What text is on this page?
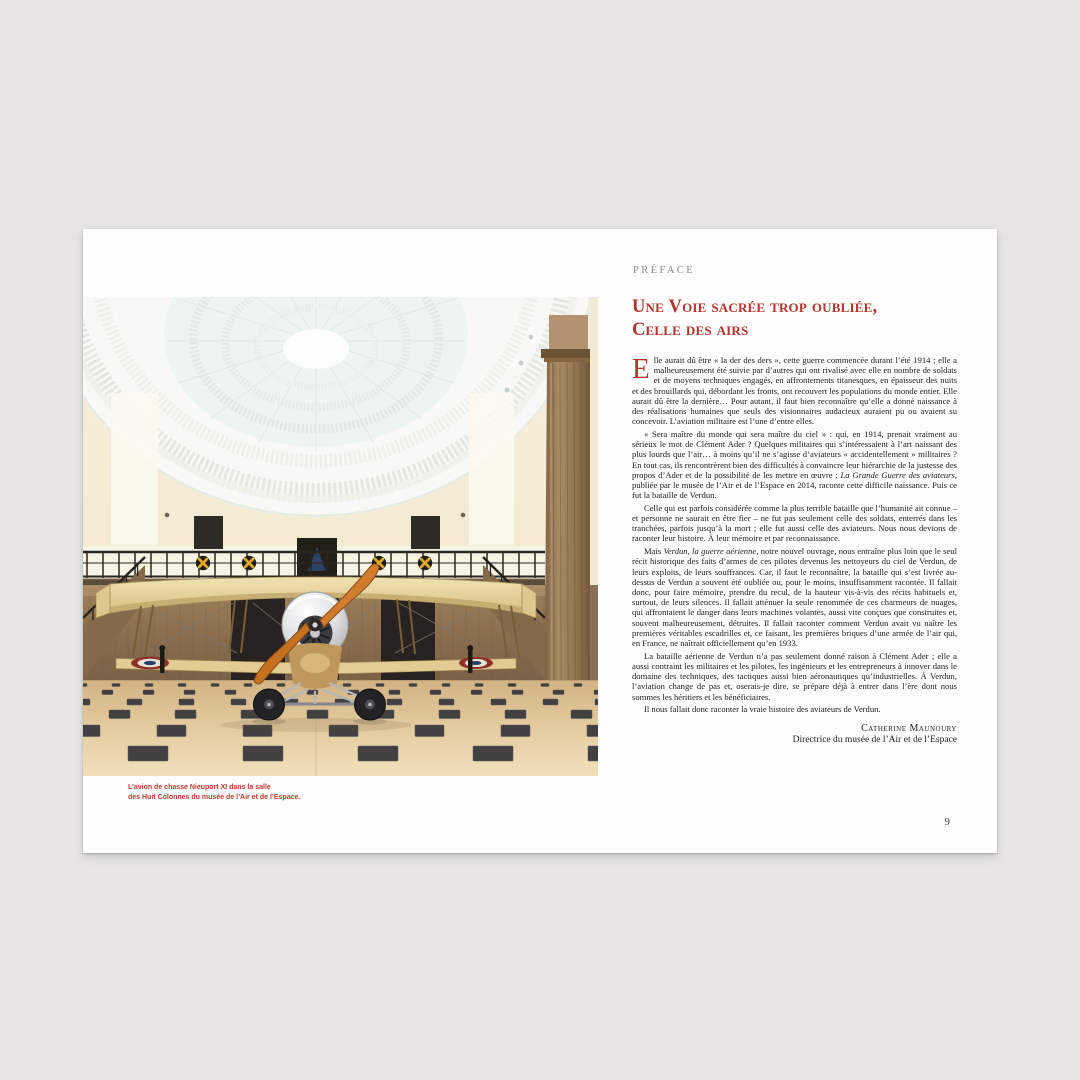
L’avion de chasse Nieuport XI dans la salle
des Huit Colonnes du musée de l’Air et de l’Espace.
PRÉFACE
Une Voie sacrée trop oubliée,
Celle des airs

Elle aurait dû être « la der des ders », cette guerre commencée durant l’été 1914 ; elle a malheureusement été suivie par d’autres qui ont rivalisé avec elle en nombre de soldats et de moyens techniques engagés, en affrontements titanesques, en épaisseur des nuits et des brouillards qui, débordant les fronts, ont recouvert les populations du monde entier. Elle aurait dû être la dernière… Pour autant, il faut bien reconnaître qu’elle a donné naissance à des réalisations humaines que seuls des visionnaires audacieux auraient pu ou avaient su concevoir. L’aviation militaire est l’une d’entre elles.

« Sera maître du monde qui sera maître du ciel » : qui, en 1914, prenait vraiment au sérieux le mot de Clément Ader ? Quelques militaires qui s’intéressaient à l’art naissant des plus lourds que l’air… à moins qu’il ne s’agisse d’aviateurs « accidentellement » militaires ? En tout cas, ils rencontrèrent bien des difficultés à convaincre leur hiérarchie de la justesse des propos d’Ader et de la possibilité de les mettre en œuvre ; La Grande Guerre des aviateurs, publiée par le musée de l’Air et de l’Espace en 2014, raconte cette difficile naissance. Puis ce fut la bataille de Verdun.

Celle qui est parfois considérée comme la plus terrible bataille que l’humanité ait connue – et personne ne saurait en être fier – ne fut pas seulement celle des soldats, enterrés dans les tranchées, parfois jusqu’à la mort ; elle fut aussi celle des aviateurs. Nous nous devions de raconter leur histoire. À leur mémoire et par reconnaissance.

Mais Verdun, la guerre aérienne, notre nouvel ouvrage, nous entraîne plus loin que le seul récit historique des faits d’armes de ces pilotes devenus les nettoyeurs du ciel de Verdun, de leurs exploits, de leurs souffrances. Car, il faut le reconnaître, la bataille qui s’est livrée au-dessus de Verdun a souvent été oubliée ou, pour le moins, insuffisamment racontée. Il fallait donc, pour faire mémoire, prendre du recul, de la hauteur vis-à-vis des récits habituels et, surtout, de leurs silences. Il fallait atténuer la seule renommée de ces charmeurs de nuages, qui affrontaient le danger dans leurs machines volantes, aussi vite conçues que construites et, souvent malheureusement, détruites. Il fallait raconter comment Verdun avait vu naître les premières véritables escadrilles et, ce faisant, les premières briques d’une armée de l’air qui, en France, ne naîtrait officiellement qu’en 1933.

La bataille aérienne de Verdun n’a pas seulement donné raison à Clément Ader ; elle a aussi contraint les militaires et les pilotes, les ingénieurs et les entrepreneurs à innover dans le domaine des techniques, des tactiques aussi bien aéronautiques qu’industrielles. À Verdun, l’aviation change de pas et, oserais-je dire, se prépare déjà à entrer dans l’ère dont nous sommes les héritiers et les bénéficiaires.

Il nous fallait donc raconter la vraie histoire des aviateurs de Verdun.

Catherine Maunoury
Directrice du musée de l’Air et de l’Espace
9
